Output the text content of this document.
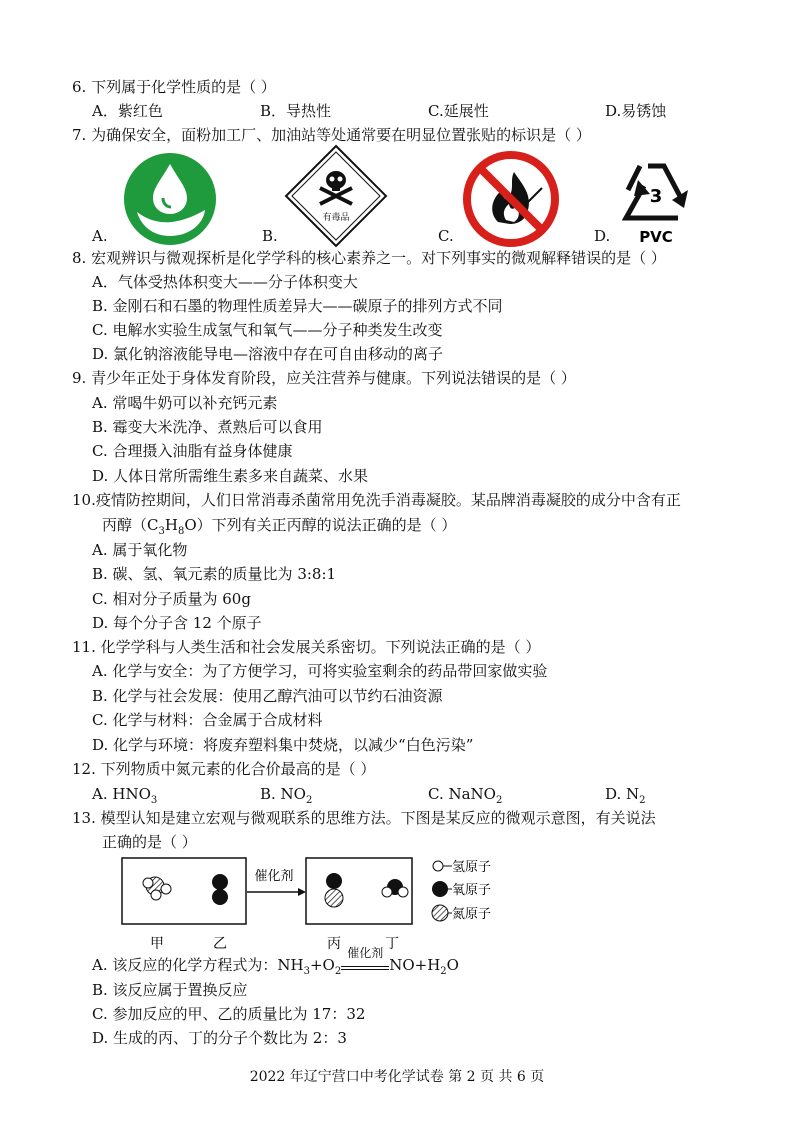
6. 下列属于化学性质的是（ ）
A．紫红色	B．导热性	C.延展性	D.易锈蚀
7. 为确保安全，面粉加工厂、加油站等处通常要在明显位置张贴的标识是（ ）
A.	B.
有毒品
C.	D.
3
PVC
8. 宏观辨识与微观探析是化学学科的核心素养之一。对下列事实的微观解释错误的是（ ）
A．气体受热体积变大——分子体积变大
B. 金刚石和石墨的物理性质差异大——碳原子的排列方式不同
C. 电解水实验生成氢气和氧气——分子种类发生改变
D. 氯化钠溶液能导电—溶液中存在可自由移动的离子
9. 青少年正处于身体发育阶段，应关注营养与健康。下列说法错误的是（ ）
A. 常喝牛奶可以补充钙元素
B. 霉变大米洗净、煮熟后可以食用
C. 合理摄入油脂有益身体健康
D. 人体日常所需维生素多来自蔬菜、水果
10.疫情防控期间，人们日常消毒杀菌常用免洗手消毒凝胶。某品牌消毒凝胶的成分中含有正
丙醇$(C_3H_8O)$下列有关正丙醇的说法正确的是（ ）
A. 属于氧化物
B. 碳、氢、氧元素的质量比为 3:8:1
C. 相对分子质量为 60g
D. 每个分子含 12 个原子
11. 化学学科与人类生活和社会发展关系密切。下列说法正确的是（ ）
A. 化学与安全：为了方便学习，可将实验室剩余的药品带回家做实验
B. 化学与社会发展：使用乙醇汽油可以节约石油资源
C. 化学与材料：合金属于合成材料
D. 化学与环境：将废弃塑料集中焚烧，以减少“白色污染”
12. 下列物质中氮元素的化合价最高的是（ ）
A. $HNO_3$	B. $NO_2$	C. NaNO$_2$	D. $N_2$
13. 模型认知是建立宏观与微观联系的思维方法。下图是某反应的微观示意图，有关说法
正确的是（ ）
催化剂
甲	乙	丙	丁
氢原子
氧原子
氮原子
A. 该反应的化学方程式为：$NH_3+O_2$
催化剂
$NO+H_2O$
B. 该反应属于置换反应
C. 参加反应的甲、乙的质量比为 17：32
D. 生成的丙、丁的分子个数比为 2：3
2022 年辽宁营口中考化学试卷 第 2 页 共 6 页
